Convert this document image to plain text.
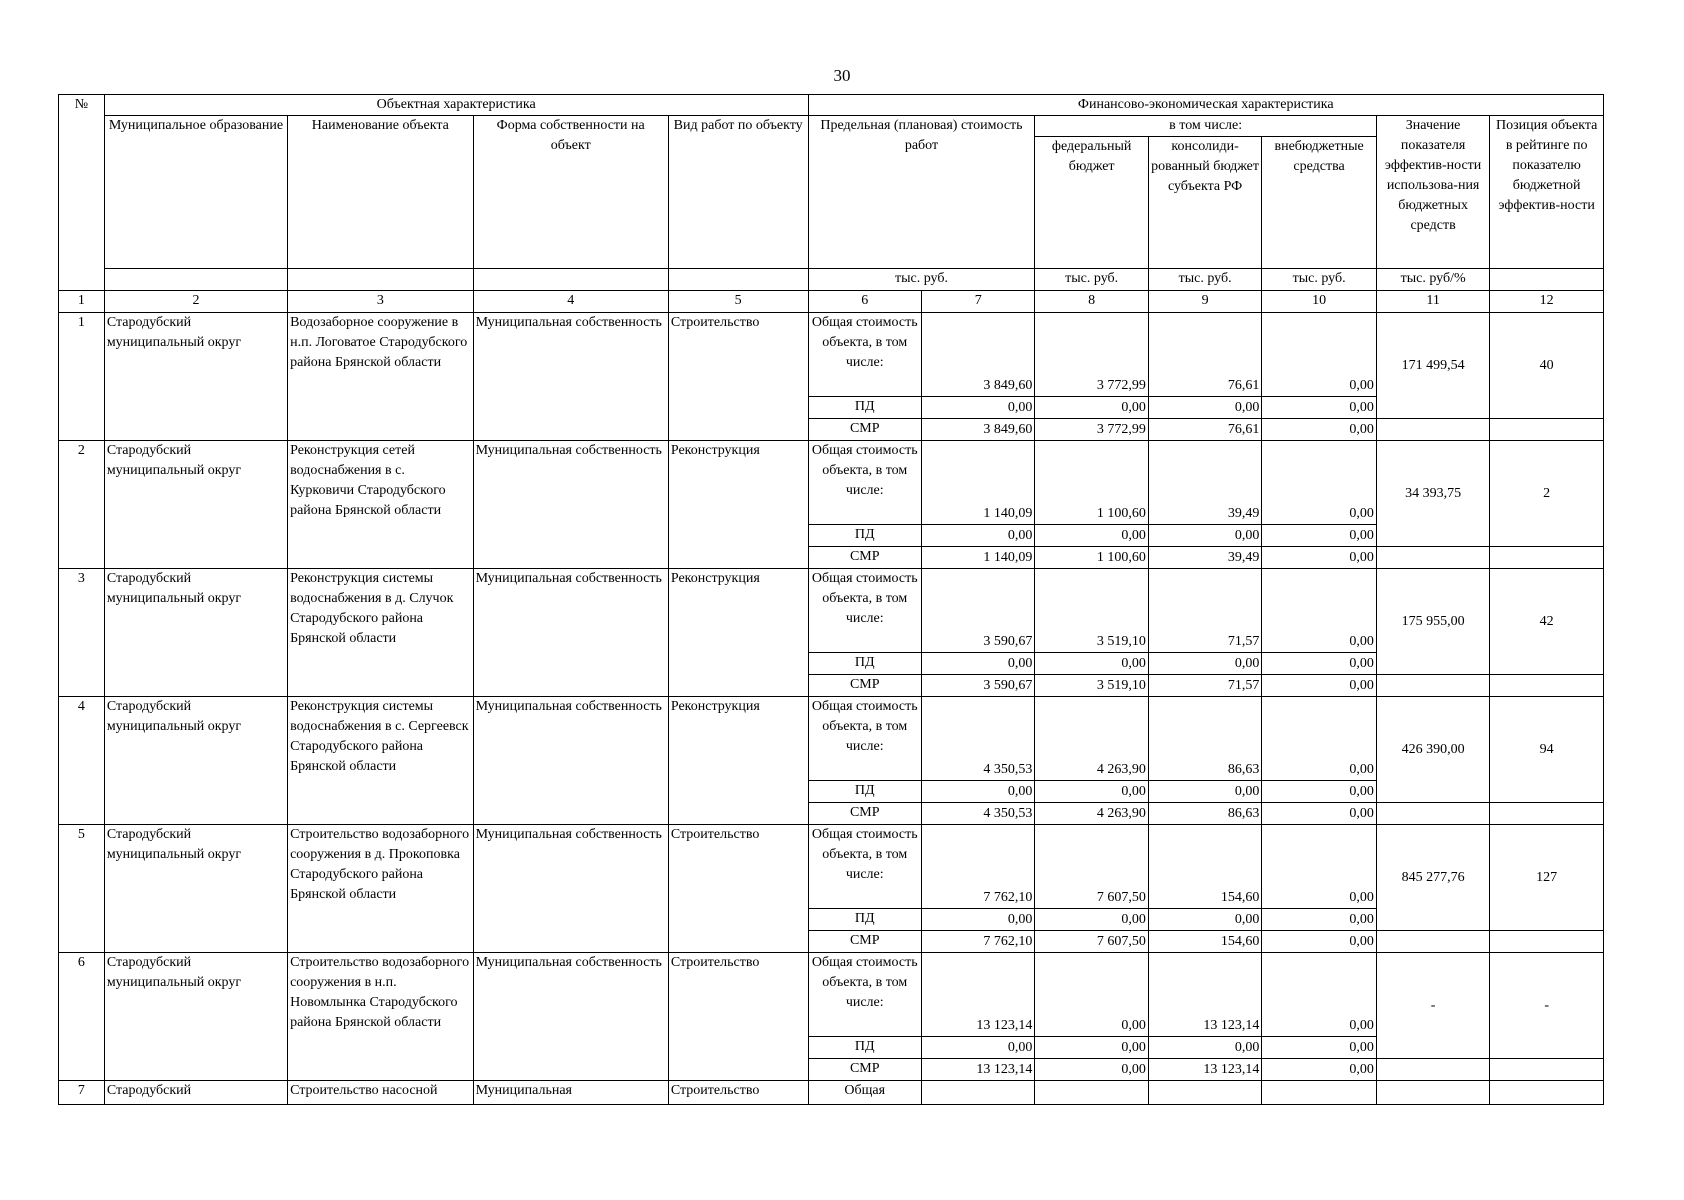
30
№	Объектная характеристика				Финансово-экономическая характеристика						
	Муниципальное образование	Наименование объекта	Форма собственности на объект	Вид работ по объекту	Предельная (плановая) стоимость работ		в том числе:			Значение показателя эффектив-ности использова-ния бюджетных средств	Позиция объекта в рейтинге по показателю бюджетной эффектив-ности
							федеральный бюджет	консолиди-рованный бюджет субъекта РФ	внебюджетные средства		
					тыс. руб.		тыс. руб.	тыс. руб.	тыс. руб.	тыс. руб/%	
1	2	3	4	5	6	7	8	9	10	11	12
1	Стародубский муниципальный округ	Водозаборное сооружение в н.п. Логоватое Стародубского района Брянской области	Муниципальная собственность	Строительство	Общая стоимость объекта, в том числе:	3 849,60	3 772,99	76,61	0,00	171 499,54	40
					ПД	0,00	0,00	0,00	0,00		
					СМР	3 849,60	3 772,99	76,61	0,00		
2	Стародубский муниципальный округ	Реконструкция сетей водоснабжения в с. Курковичи Стародубского района Брянской области	Муниципальная собственность	Реконструкция	Общая стоимость объекта, в том числе:	1 140,09	1 100,60	39,49	0,00	34 393,75	2
					ПД	0,00	0,00	0,00	0,00		
					СМР	1 140,09	1 100,60	39,49	0,00		
3	Стародубский муниципальный округ	Реконструкция системы водоснабжения в д. Случок Стародубского района Брянской области	Муниципальная собственность	Реконструкция	Общая стоимость объекта, в том числе:	3 590,67	3 519,10	71,57	0,00	175 955,00	42
					ПД	0,00	0,00	0,00	0,00		
					СМР	3 590,67	3 519,10	71,57	0,00		
4	Стародубский муниципальный округ	Реконструкция системы водоснабжения в с. Сергеевск Стародубского района Брянской области	Муниципальная собственность	Реконструкция	Общая стоимость объекта, в том числе:	4 350,53	4 263,90	86,63	0,00	426 390,00	94
					ПД	0,00	0,00	0,00	0,00		
					СМР	4 350,53	4 263,90	86,63	0,00		
5	Стародубский муниципальный округ	Строительство водозаборного сооружения в д. Прокоповка Стародубского района Брянской области	Муниципальная собственность	Строительство	Общая стоимость объекта, в том числе:	7 762,10	7 607,50	154,60	0,00	845 277,76	127
					ПД	0,00	0,00	0,00	0,00		
					СМР	7 762,10	7 607,50	154,60	0,00		
6	Стародубский муниципальный округ	Строительство водозаборного сооружения в н.п. Новомлынка Стародубского района Брянской области	Муниципальная собственность	Строительство	Общая стоимость объекта, в том числе:	13 123,14	0,00	13 123,14	0,00	-	-
					ПД	0,00	0,00	0,00	0,00		
					СМР	13 123,14	0,00	13 123,14	0,00		
7	Стародубский	Строительство насосной	Муниципальная	Строительство	Общая						
